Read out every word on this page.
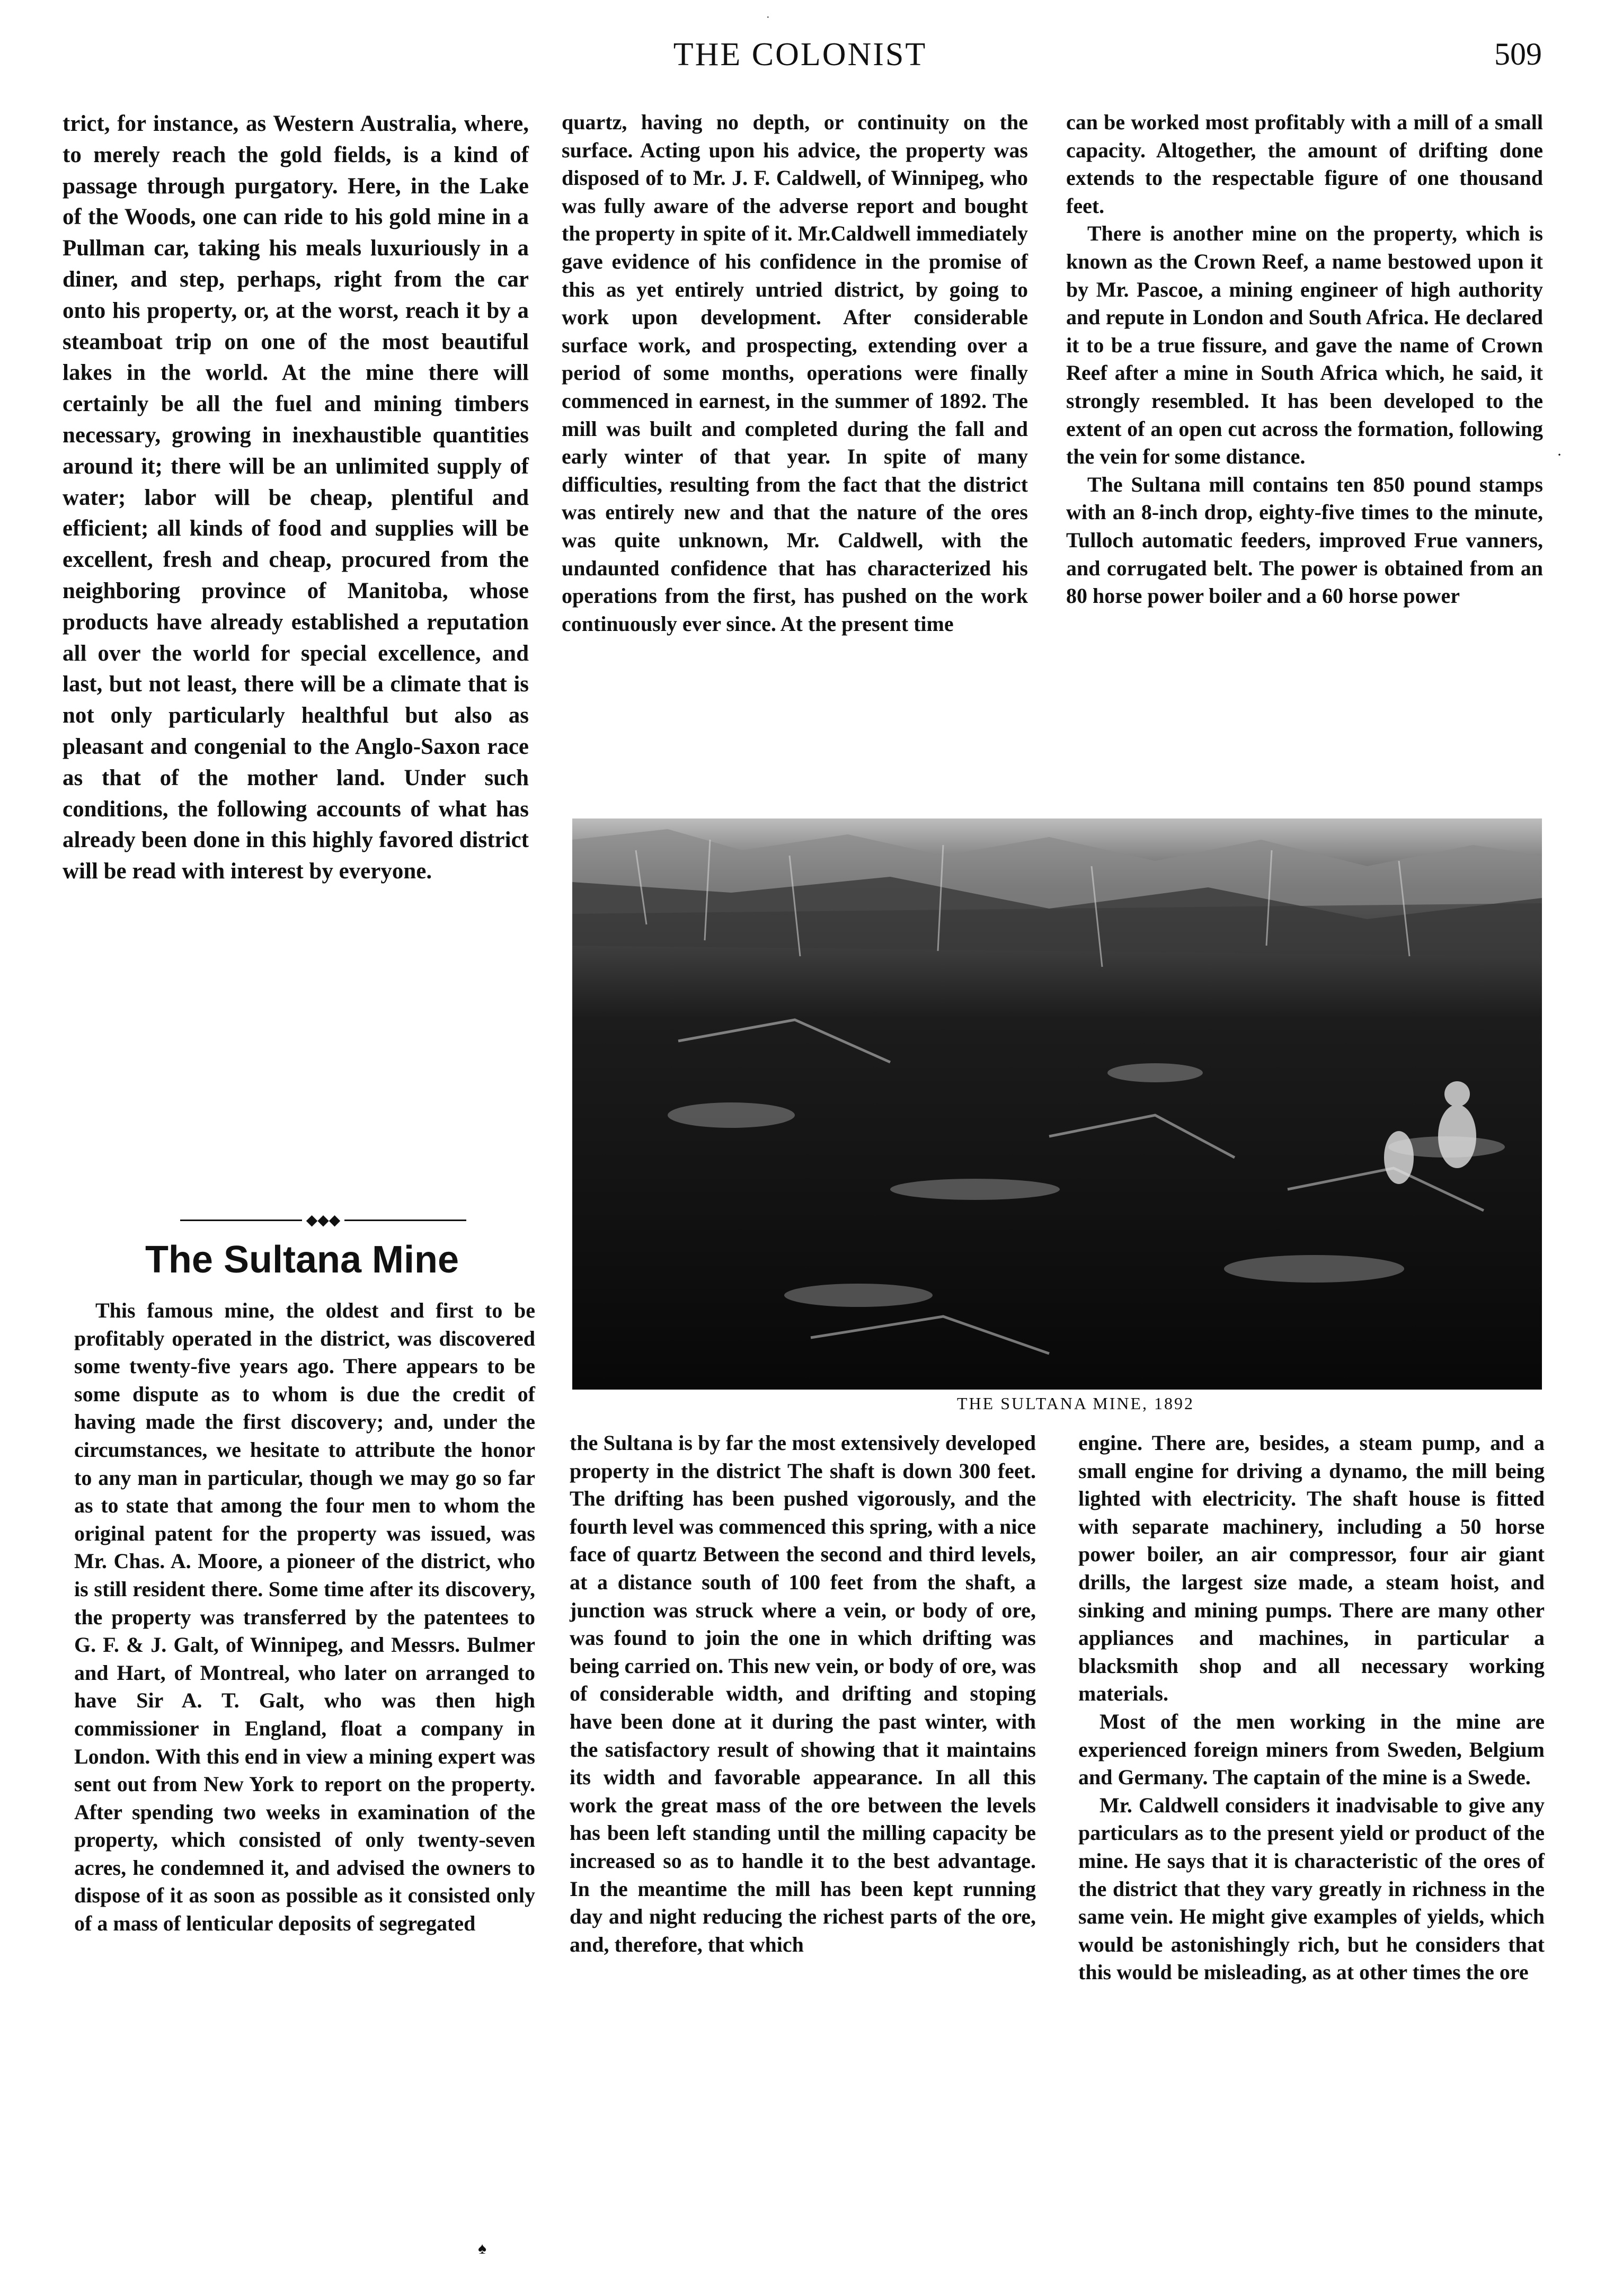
·
THE COLONIST	509

trict, for instance, as Western Australia, where, to merely reach the gold fields, is a kind of passage through purgatory. Here, in the Lake of the Woods, one can ride to his gold mine in a Pullman car, taking his meals luxuriously in a diner, and step, perhaps, right from the car onto his property, or, at the worst, reach it by a steamboat trip on one of the most beautiful lakes in the world. At the mine there will certainly be all the fuel and mining timbers necessary, growing in inexhaustible quantities around it; there will be an unlimited supply of water; labor will be cheap, plentiful and efficient; all kinds of food and supplies will be excellent, fresh and cheap, procured from the neighboring province of Manitoba, whose products have already established a reputation all over the world for special excellence, and last, but not least, there will be a climate that is not only particularly healthful but also as pleasant and congenial to the Anglo-Saxon race as that of the mother land. Under such conditions, the following accounts of what has already been done in this highly favored district will be read with interest by everyone.

◆◆◆
The Sultana Mine

This famous mine, the oldest and first to be profitably operated in the district, was discovered some twenty-five years ago. There appears to be some dispute as to whom is due the credit of having made the first discovery; and, under the circumstances, we hesitate to attribute the honor to any man in particular, though we may go so far as to state that among the four men to whom the original patent for the property was issued, was Mr. Chas. A. Moore, a pioneer of the district, who is still resident there. Some time after its discovery, the property was transferred by the patentees to G. F. & J. Galt, of Winnipeg, and Messrs. Bulmer and Hart, of Montreal, who later on arranged to have Sir A. T. Galt, who was then high commissioner in England, float a company in London. With this end in view a mining expert was sent out from New York to report on the property. After spending two weeks in examination of the property, which consisted of only twenty-seven acres, he condemned it, and advised the owners to dispose of it as soon as possible as it consisted only of a mass of lenticular deposits of segregated

quartz, having no depth, or continuity on the surface. Acting upon his advice, the property was disposed of to Mr. J. F. Caldwell, of Winnipeg, who was fully aware of the adverse report and bought the property in spite of it. Mr.Caldwell immediately gave evidence of his confidence in the promise of this as yet entirely untried district, by going to work upon development. After considerable surface work, and prospecting, extending over a period of some months, operations were finally commenced in earnest, in the summer of 1892. The mill was built and completed during the fall and early winter of that year. In spite of many difficulties, resulting from the fact that the district was entirely new and that the nature of the ores was quite unknown, Mr. Caldwell, with the undaunted confidence that has characterized his operations from the first, has pushed on the work continuously ever since. At the present time

can be worked most profitably with a mill of a small capacity. Altogether, the amount of drifting done extends to the respectable figure of one thousand feet.

There is another mine on the property, which is known as the Crown Reef, a name bestowed upon it by Mr. Pascoe, a mining engineer of high authority and repute in London and South Africa. He declared it to be a true fissure, and gave the name of Crown Reef after a mine in South Africa which, he said, it strongly resembled. It has been developed to the extent of an open cut across the formation, following the vein for some distance.

The Sultana mill contains ten 850 pound stamps with an 8-inch drop, eighty-five times to the minute, Tulloch automatic feeders, improved Frue vanners, and corrugated belt. The power is obtained from an 80 horse power boiler and a 60 horse power

·
THE SULTANA MINE, 1892

the Sultana is by far the most extensively developed property in the district The shaft is down 300 feet. The drifting has been pushed vigorously, and the fourth level was commenced this spring, with a nice face of quartz Between the second and third levels, at a distance south of 100 feet from the shaft, a junction was struck where a vein, or body of ore, was found to join the one in which drifting was being carried on. This new vein, or body of ore, was of considerable width, and drifting and stoping have been done at it during the past winter, with the satisfactory result of showing that it maintains its width and favorable appearance. In all this work the great mass of the ore between the levels has been left standing until the milling capacity be increased so as to handle it to the best advantage. In the meantime the mill has been kept running day and night reducing the richest parts of the ore, and, therefore, that which

engine. There are, besides, a steam pump, and a small engine for driving a dynamo, the mill being lighted with electricity. The shaft house is fitted with separate machinery, including a 50 horse power boiler, an air compressor, four air giant drills, the largest size made, a steam hoist, and sinking and mining pumps. There are many other appliances and machines, in particular a blacksmith shop and all necessary working materials.

Most of the men working in the mine are experienced foreign miners from Sweden, Belgium and Germany. The captain of the mine is a Swede.

Mr. Caldwell considers it inadvisable to give any particulars as to the present yield or product of the mine. He says that it is characteristic of the ores of the district that they vary greatly in richness in the same vein. He might give examples of yields, which would be astonishingly rich, but he considers that this would be misleading, as at other times the ore

♠
